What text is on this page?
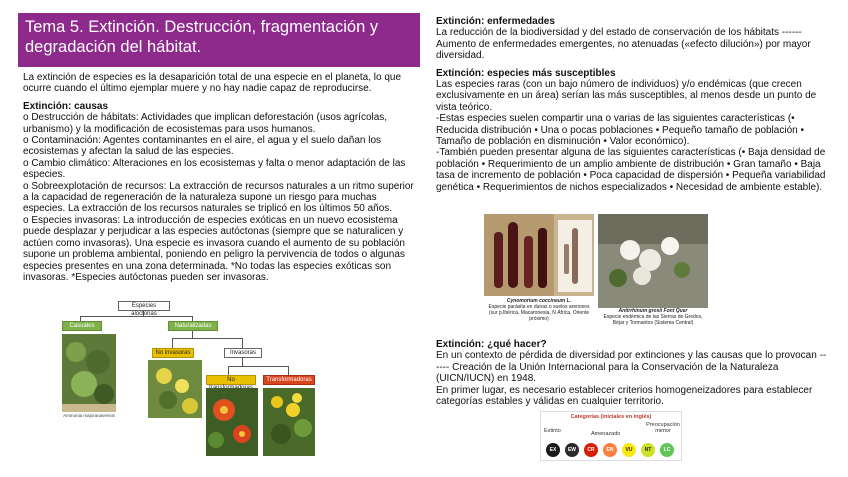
Tema 5. Extinción. Destrucción, fragmentación y degradación del hábitat.

La extinción de especies es la desaparición total de una especie en el planeta, lo que ocurre cuando el último ejemplar muere y no hay nadie capaz de reproducirse.

Extinción: causas
o Destrucción de hábitats: Actividades que implican deforestación (usos agrícolas, urbanismo) y la modificación de ecosistemas para usos humanos.
o Contaminación: Agentes contaminantes en el aire, el agua y el suelo dañan los ecosistemas y afectan la salud de las especies.
o Cambio climático: Alteraciones en los ecosistemas y falta o menor adaptación de las especies.
o Sobreexplotación de recursos: La extracción de recursos naturales a un ritmo superior a la capacidad de regeneración de la naturaleza supone un riesgo para muchas especies. La extracción de los recursos naturales se triplicó en los últimos 50 años.
o Especies invasoras: La introducción de especies exóticas en un nuevo ecosistema puede desplazar y perjudicar a las especies autóctonas (siempre que se naturalicen y actúen como invasoras). Una especie es invasora cuando el aumento de su población supone un problema ambiental, poniendo en peligro la pervivencia de todos o algunas especies presentes en una zona determinada. *No todas las especies exóticas son invasoras. *Especies autóctonas pueden ser invasoras.
Especies alóctonas
Casuales	Naturalizadas
No invasoras	Invasoras
No	Transformadoras
Ammonia majoranavensis
Extinción: enfermedades
La reducción de la biodiversidad y del estado de conservación de los hábitats ------ Aumento de enfermedades emergentes, no atenuadas («efecto dilución») por mayor diversidad.
Extinción: especies más susceptibles
Las especies raras (con un bajo número de individuos) y/o endémicas (que crecen exclusivamente en un área) serían las más susceptibles, al menos desde un punto de vista teórico.
-Estas especies suelen compartir una o varias de las siguientes características (• Reducida distribución • Una o pocas poblaciones • Pequeño tamaño de población • Tamaño de población en disminución • Valor económico).
-También pueden presentar alguna de las siguientes características (• Baja densidad de población • Requerimiento de un amplio ambiente de distribución • Gran tamaño • Baja tasa de incremento de población • Poca capacidad de dispersión • Pequeña variabilidad genética • Requerimientos de nichos especializados • Necesidad de ambiente estable).
Cynomorium coccineum L.
Especie parásita en dunas o suelos arenosos (sur p.Ibérica, Macaronesia, N África, Oriente próximo)
Antirrhinum grosii Font Quer
Especie endémica de las Sierras de Gredos, Béjar y Tormantos (Sistema Central)
Extinción: ¿qué hacer?
En un contexto de pérdida de diversidad por extinciones y las causas que lo provocan ------ Creación de la Unión Internacional para la Conservación de la Naturaleza (UICN/IUCN) en 1948.
En primer lugar, es necesario establecer criterios homogeneizadores para establecer categorías estables y válidas en cualquier territorio.
Categorías (iniciales en inglés)
Extinto	Amenazado
Preocupación menor
EX	EW	CR	EN	VU	NT	LC
